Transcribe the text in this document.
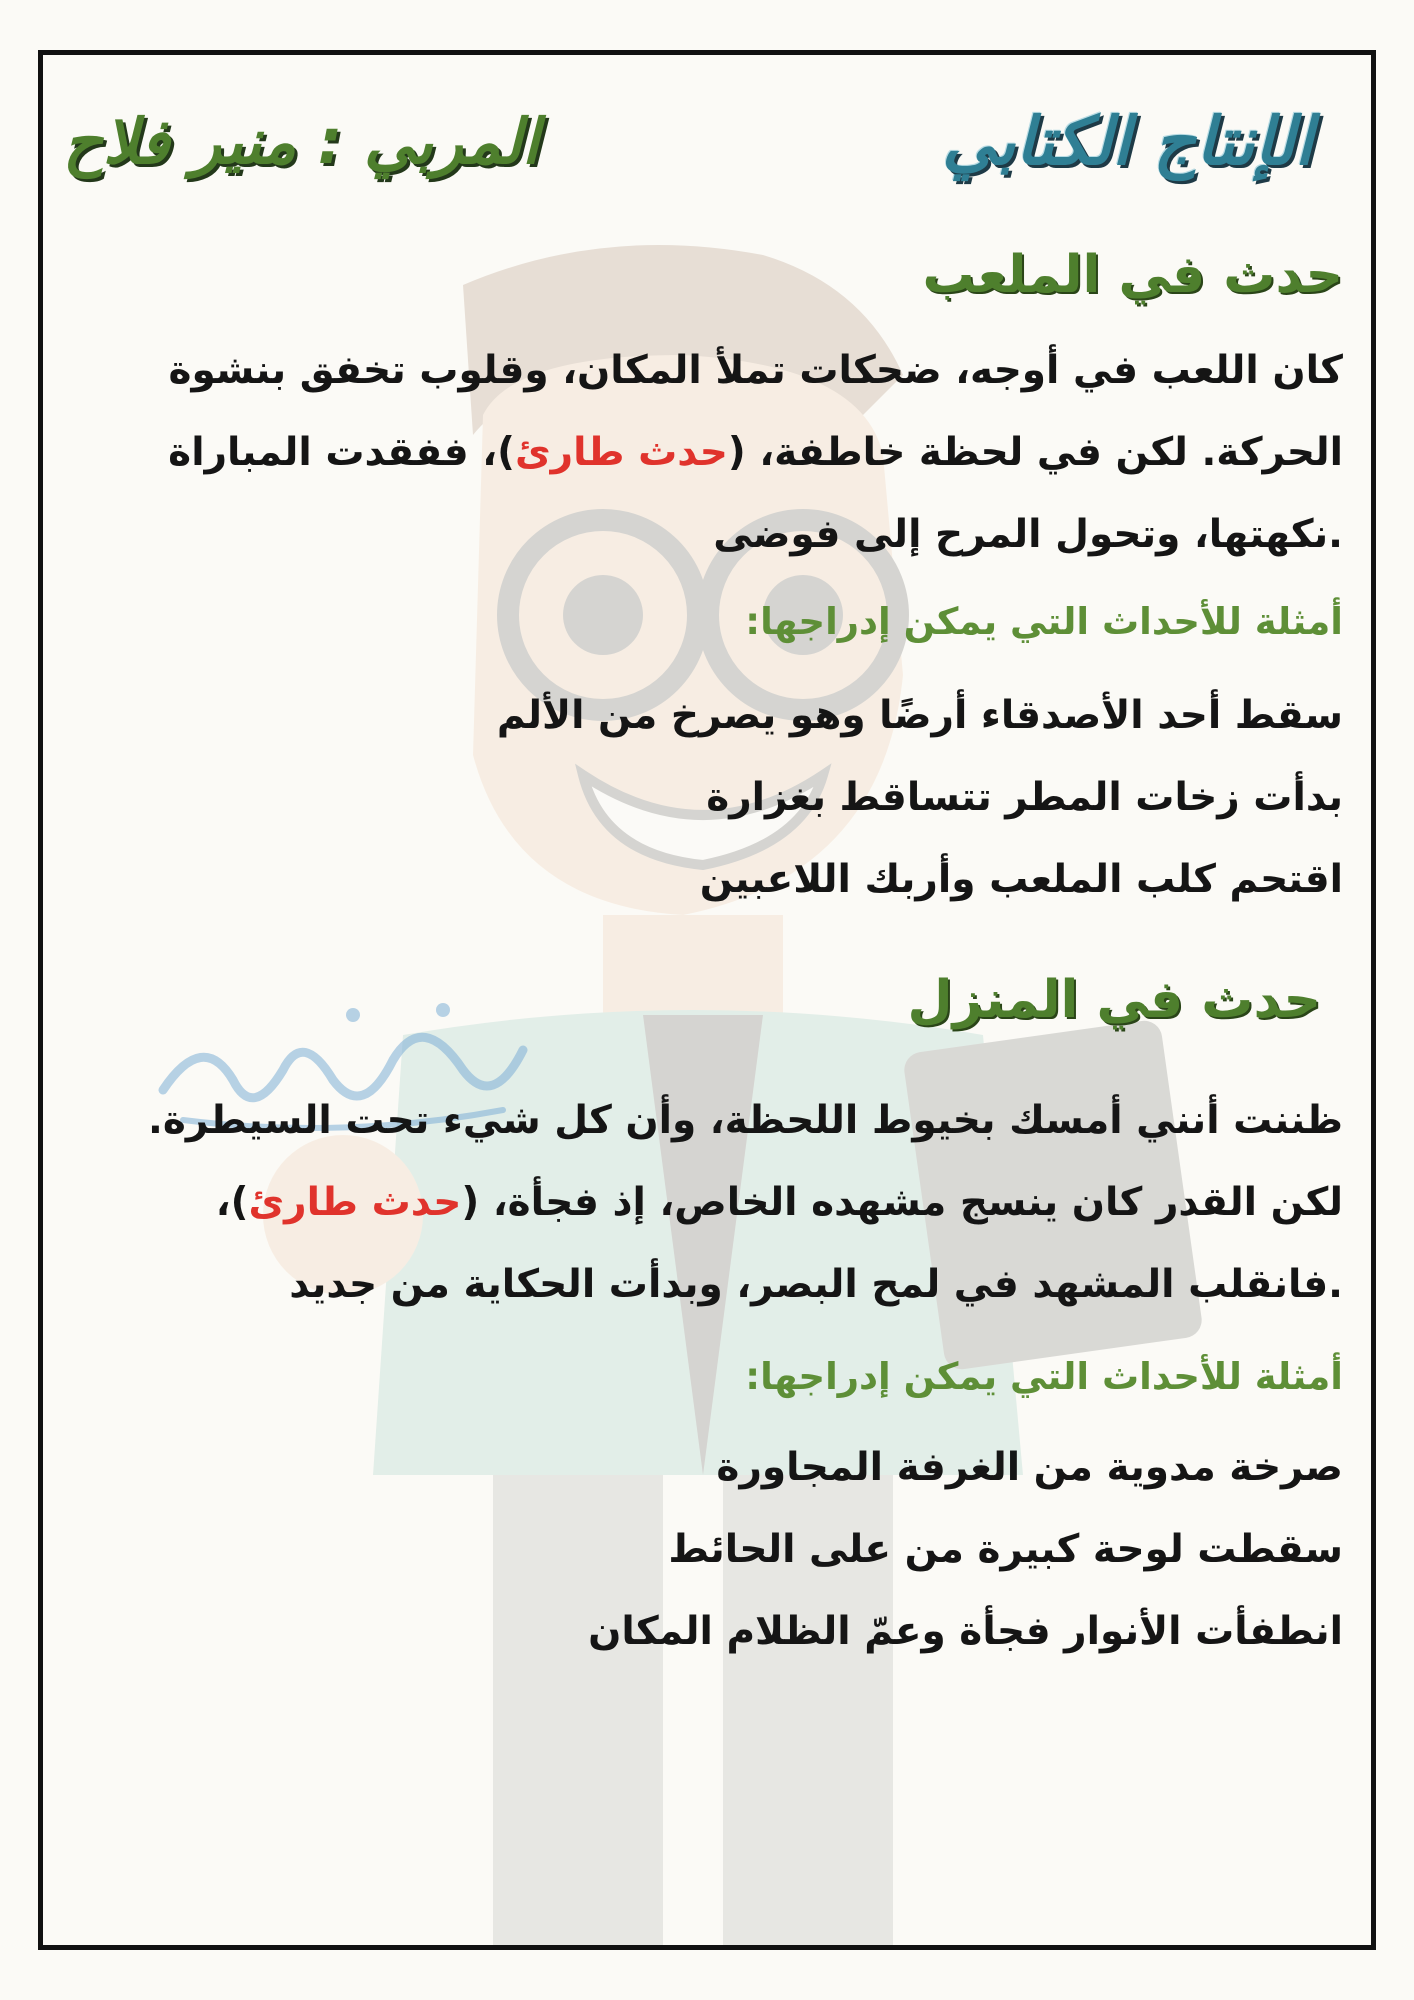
الإنتاج الكتابي
المربي : منير فلاح
حدث في الملعب
كان اللعب في أوجه، ضحكات تملأ المكان، وقلوب تخفق بنشوة
الحركة. لكن في لحظة خاطفة، (حدث طارئ)، ففقدت المباراة
.نكهتها، وتحول المرح إلى فوضى
أمثلة للأحداث التي يمكن إدراجها:
سقط أحد الأصدقاء أرضًا وهو يصرخ من الألم
بدأت زخات المطر تتساقط بغزارة
اقتحم كلب الملعب وأربك اللاعبين
حدث في المنزل
ظننت أنني أمسك بخيوط اللحظة، وأن كل شيء تحت السيطرة.
لكن القدر كان ينسج مشهده الخاص، إذ فجأة، (حدث طارئ)،
.فانقلب المشهد في لمح البصر، وبدأت الحكاية من جديد
أمثلة للأحداث التي يمكن إدراجها:
صرخة مدوية من الغرفة المجاورة
سقطت لوحة كبيرة من على الحائط
انطفأت الأنوار فجأة وعمّ الظلام المكان
